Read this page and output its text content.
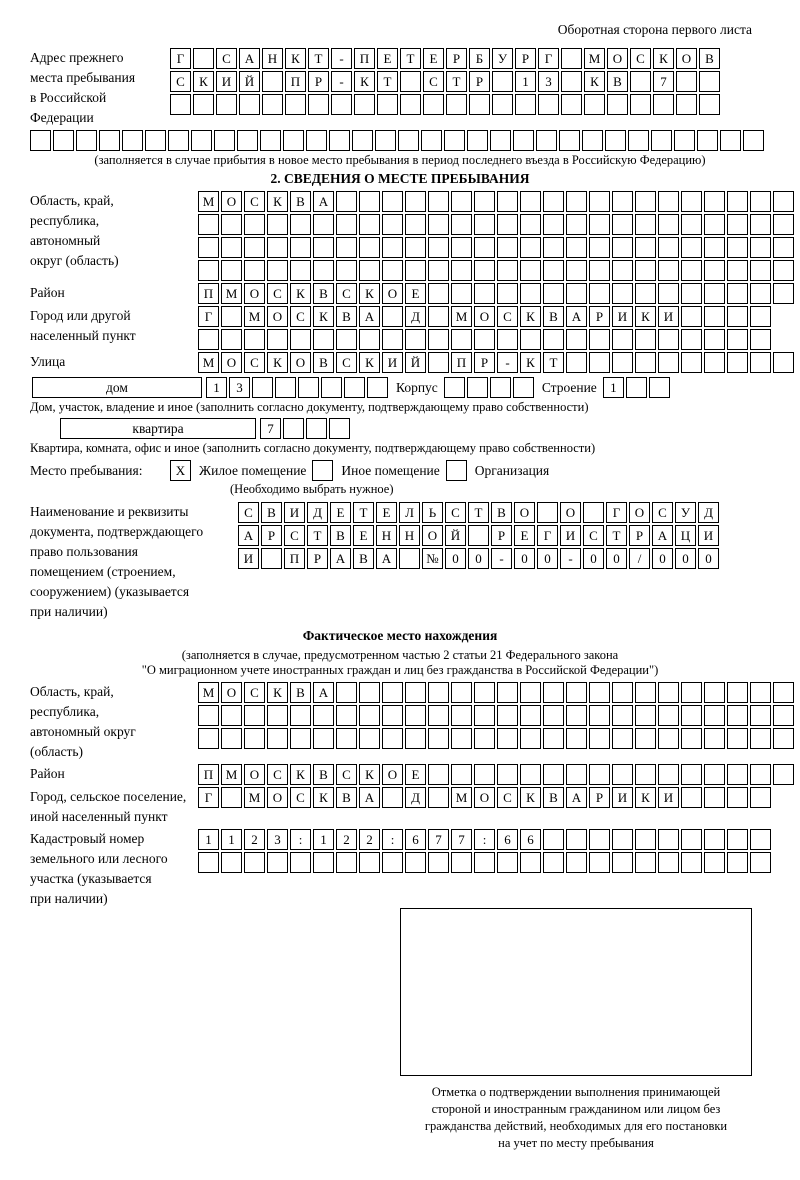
Оборотная сторона первого листа
Адрес прежнего
места пребывания
в Российской
Федерации
Г	С	А	Н	К	Т	-	П	Е	Т	Е	Р	Б	У	Р	Г	М О	С	К	О	В
С	К	И	Й	П	Р	-	К	Т	С	Т	Р	1	3	К	В	7
(заполняется в случае прибытия в новое место пребывания в период последнего въезда в Российскую Федерацию)
2. СВЕДЕНИЯ О МЕСТЕ ПРЕБЫВАНИЯ
Область, край,
республика,
автономный
округ (область)
М О	С	К	В	А
Район	П М О	С	К	В	С	К	О	Е
Город или другой
населенный пункт
Г	М О	С	К	В	А	Д	М О	С	К	В	А	Р	И	К	И
Улица	М О	С	К	О	В	С	К	И	Й	П	Р	-	К	Т
дом	1	3	Корпус	Строение	1
Дом, участок, владение и иное (заполнить согласно документу, подтверждающему право собственности)
квартира	7
Квартира, комната, офис и иное (заполнить согласно документу, подтверждающему право собственности)
Место пребывания:	Х	Жилое помещение	Иное помещение	Организация
(Необходимо выбрать нужное)
Наименование и реквизиты
документа, подтверждающего
право пользования
помещением (строением,
сооружением) (указывается
при наличии)
С	В	И	Д	Е	Т	Е	Л	Ь	С	Т	В	О	О	Г	О	С	У	Д
А	Р	С	Т	В	Е	Н	Н	О	Й	Р	Е	Г	И	С	Т	Р	А	Ц	И
И	П	Р	А	В	А	№	0	0	-	0	0	-	0	0	/	0	0	0
Фактическое место нахождения
(заполняется в случае, предусмотренном частью 2 статьи 21 Федерального закона
"О миграционном учете иностранных граждан и лиц без гражданства в Российской Федерации")
Область, край,
республика,
автономный округ
(область)
М О	С	К	В	А
Район	П М О	С	К	В	С	К	О	Е
Город, сельское поселение,
иной населенный пункт
Г	М О	С	К	В	А	Д	М О	С	К	В	А	Р	И	К	И
Кадастровый номер
земельного или лесного
участка (указывается
при наличии)
1	1	2	3	:	1	2	2	:	6	7	7	:	6	6
Отметка о подтверждении выполнения принимающей
стороной и иностранным гражданином или лицом без
гражданства действий, необходимых для его постановки
на учет по месту пребывания
